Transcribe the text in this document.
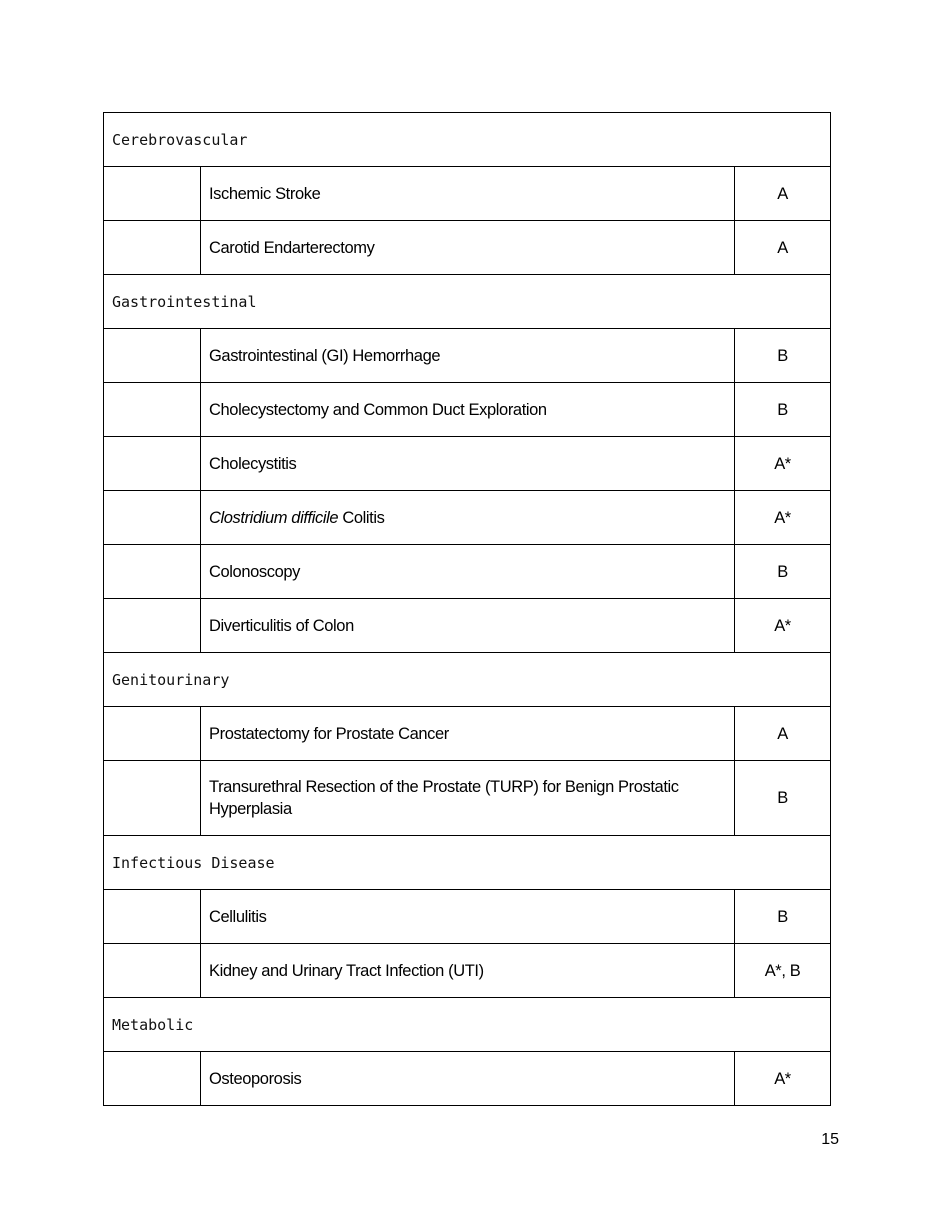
Cerebrovascular		
	Ischemic Stroke	A
	Carotid Endarterectomy	A
Gastrointestinal		
	Gastrointestinal (GI) Hemorrhage	B
	Cholecystectomy and Common Duct Exploration	B
	Cholecystitis	A*
	Clostridium difficile Colitis	A*
	Colonoscopy	B
	Diverticulitis of Colon	A*
Genitourinary		
	Prostatectomy for Prostate Cancer	A
	Transurethral Resection of the Prostate (TURP) for Benign Prostatic Hyperplasia	B
Infectious Disease		
	Cellulitis	B
	Kidney and Urinary Tract Infection (UTI)	A*, B
Metabolic		
	Osteoporosis	A*
15
